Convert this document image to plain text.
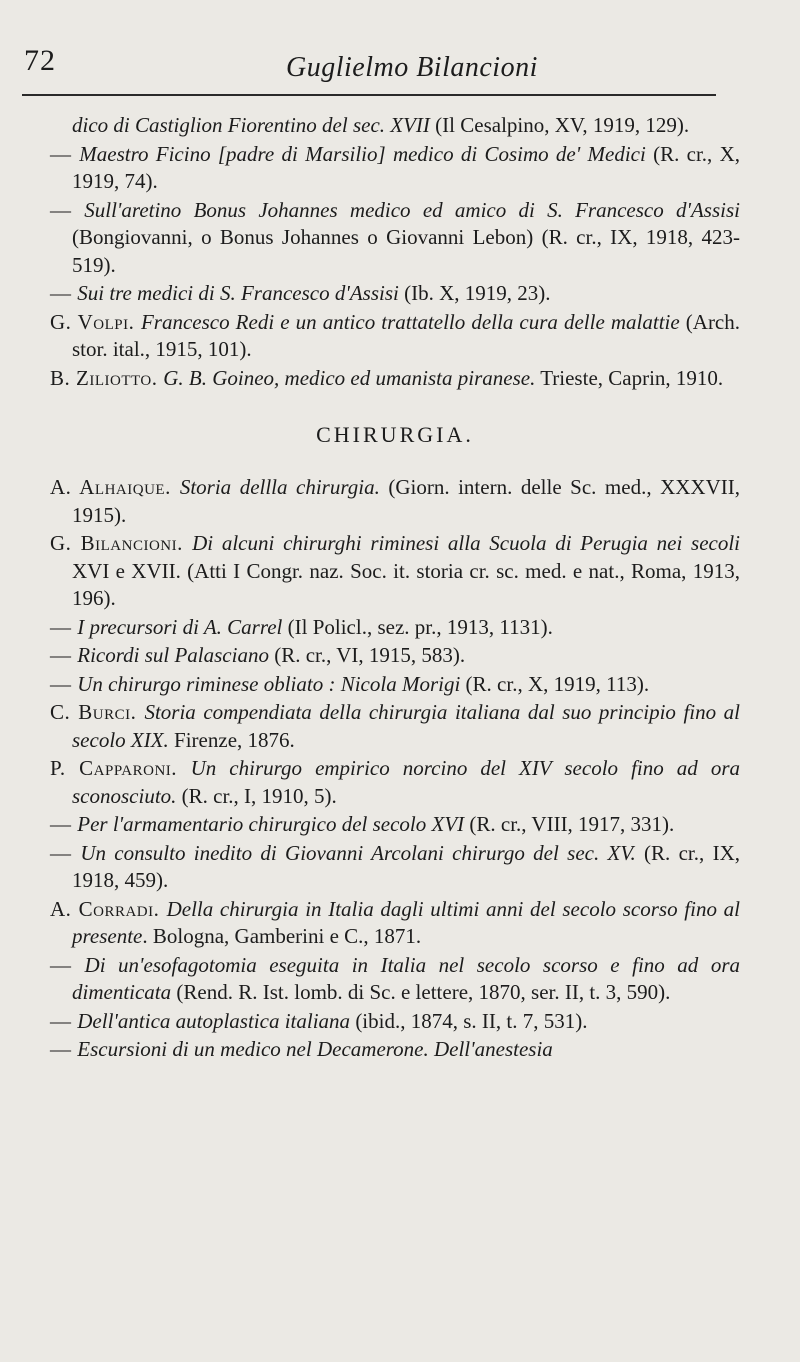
72	Guglielmo Bilancioni

dico di Castiglion Fiorentino del sec. XVII (Il Cesalpino, XV, 1919, 129).

— Maestro Ficino [padre di Marsilio] medico di Cosimo de' Medici (R. cr., X, 1919, 74).

— Sull'aretino Bonus Johannes medico ed amico di S. Francesco d'Assisi (Bongiovanni, o Bonus Johannes o Giovanni Lebon) (R. cr., IX, 1918, 423-519).

— Sui tre medici di S. Francesco d'Assisi (Ib. X, 1919, 23).

G. Volpi. Francesco Redi e un antico trattatello della cura delle malattie (Arch. stor. ital., 1915, 101).

B. Ziliotto. G. B. Goineo, medico ed umanista piranese. Trieste, Caprin, 1910.

CHIRURGIA.

A. Alhaique. Storia dellla chirurgia. (Giorn. intern. delle Sc. med., XXXVII, 1915).

G. Bilancioni. Di alcuni chirurghi riminesi alla Scuola di Perugia nei secoli XVI e XVII. (Atti I Congr. naz. Soc. it. storia cr. sc. med. e nat., Roma, 1913, 196).

— I precursori di A. Carrel (Il Policl., sez. pr., 1913, 1131).

— Ricordi sul Palasciano (R. cr., VI, 1915, 583).

— Un chirurgo riminese obliato : Nicola Morigi (R. cr., X, 1919, 113).

C. Burci. Storia compendiata della chirurgia italiana dal suo principio fino al secolo XIX. Firenze, 1876.

P. Capparoni. Un chirurgo empirico norcino del XIV secolo fino ad ora sconosciuto. (R. cr., I, 1910, 5).

— Per l'armamentario chirurgico del secolo XVI (R. cr., VIII, 1917, 331).

— Un consulto inedito di Giovanni Arcolani chirurgo del sec. XV. (R. cr., IX, 1918, 459).

A. Corradi. Della chirurgia in Italia dagli ultimi anni del secolo scorso fino al presente. Bologna, Gamberini e C., 1871.

— Di un'esofagotomia eseguita in Italia nel secolo scorso e fino ad ora dimenticata (Rend. R. Ist. lomb. di Sc. e lettere, 1870, ser. II, t. 3, 590).

— Dell'antica autoplastica italiana (ibid., 1874, s. II, t. 7, 531).

— Escursioni di un medico nel Decamerone. Dell'anestesia
